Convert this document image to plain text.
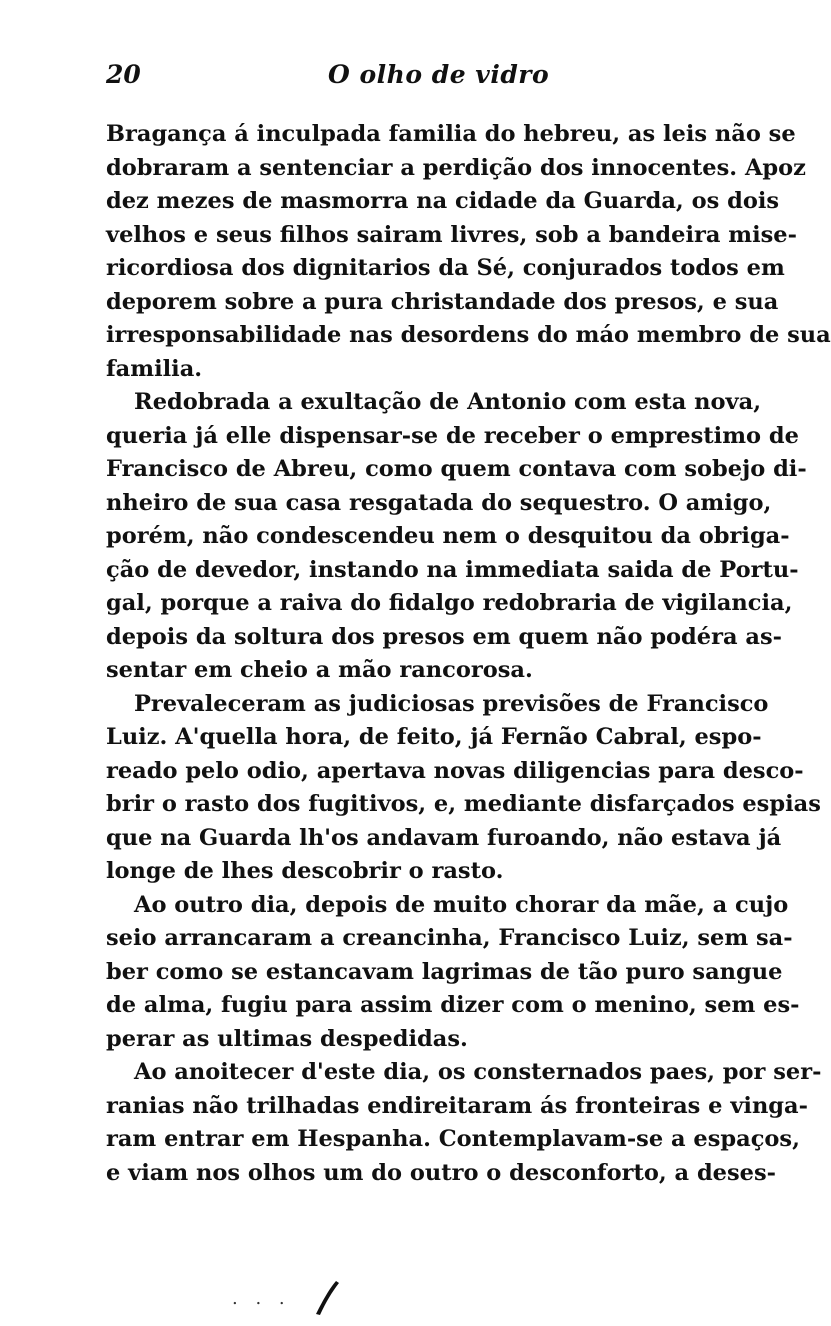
20	O olho de vidro
Bragança á inculpada familia do hebreu, as leis não se
dobraram a sentenciar a perdição dos innocentes. Apoz
dez mezes de masmorra na cidade da Guarda, os dois
velhos e seus filhos sairam livres, sob a bandeira mise-
ricordiosa dos dignitarios da Sé, conjurados todos em
deporem sobre a pura christandade dos presos, e sua
irresponsabilidade nas desordens do máo membro de sua
familia.
Redobrada a exultação de Antonio com esta nova,
queria já elle dispensar-se de receber o emprestimo de
Francisco de Abreu, como quem contava com sobejo di-
nheiro de sua casa resgatada do sequestro. O amigo,
porém, não condescendeu nem o desquitou da obriga-
ção de devedor, instando na immediata saida de Portu-
gal, porque a raiva do fidalgo redobraria de vigilancia,
depois da soltura dos presos em quem não podéra as-
sentar em cheio a mão rancorosa.
Prevaleceram as judiciosas previsões de Francisco
Luiz. A'quella hora, de feito, já Fernão Cabral, espo-
reado pelo odio, apertava novas diligencias para desco-
brir o rasto dos fugitivos, e, mediante disfarçados espias
que na Guarda lh'os andavam furoando, não estava já
longe de lhes descobrir o rasto.
Ao outro dia, depois de muito chorar da mãe, a cujo
seio arrancaram a creancinha, Francisco Luiz, sem sa-
ber como se estancavam lagrimas de tão puro sangue
de alma, fugiu para assim dizer com o menino, sem es-
perar as ultimas despedidas.
Ao anoitecer d'este dia, os consternados paes, por ser-
ranias não trilhadas endireitaram ás fronteiras e vinga-
ram entrar em Hespanha. Contemplavam-se a espaços,
e viam nos olhos um do outro o desconforto, a deses-
. . .
